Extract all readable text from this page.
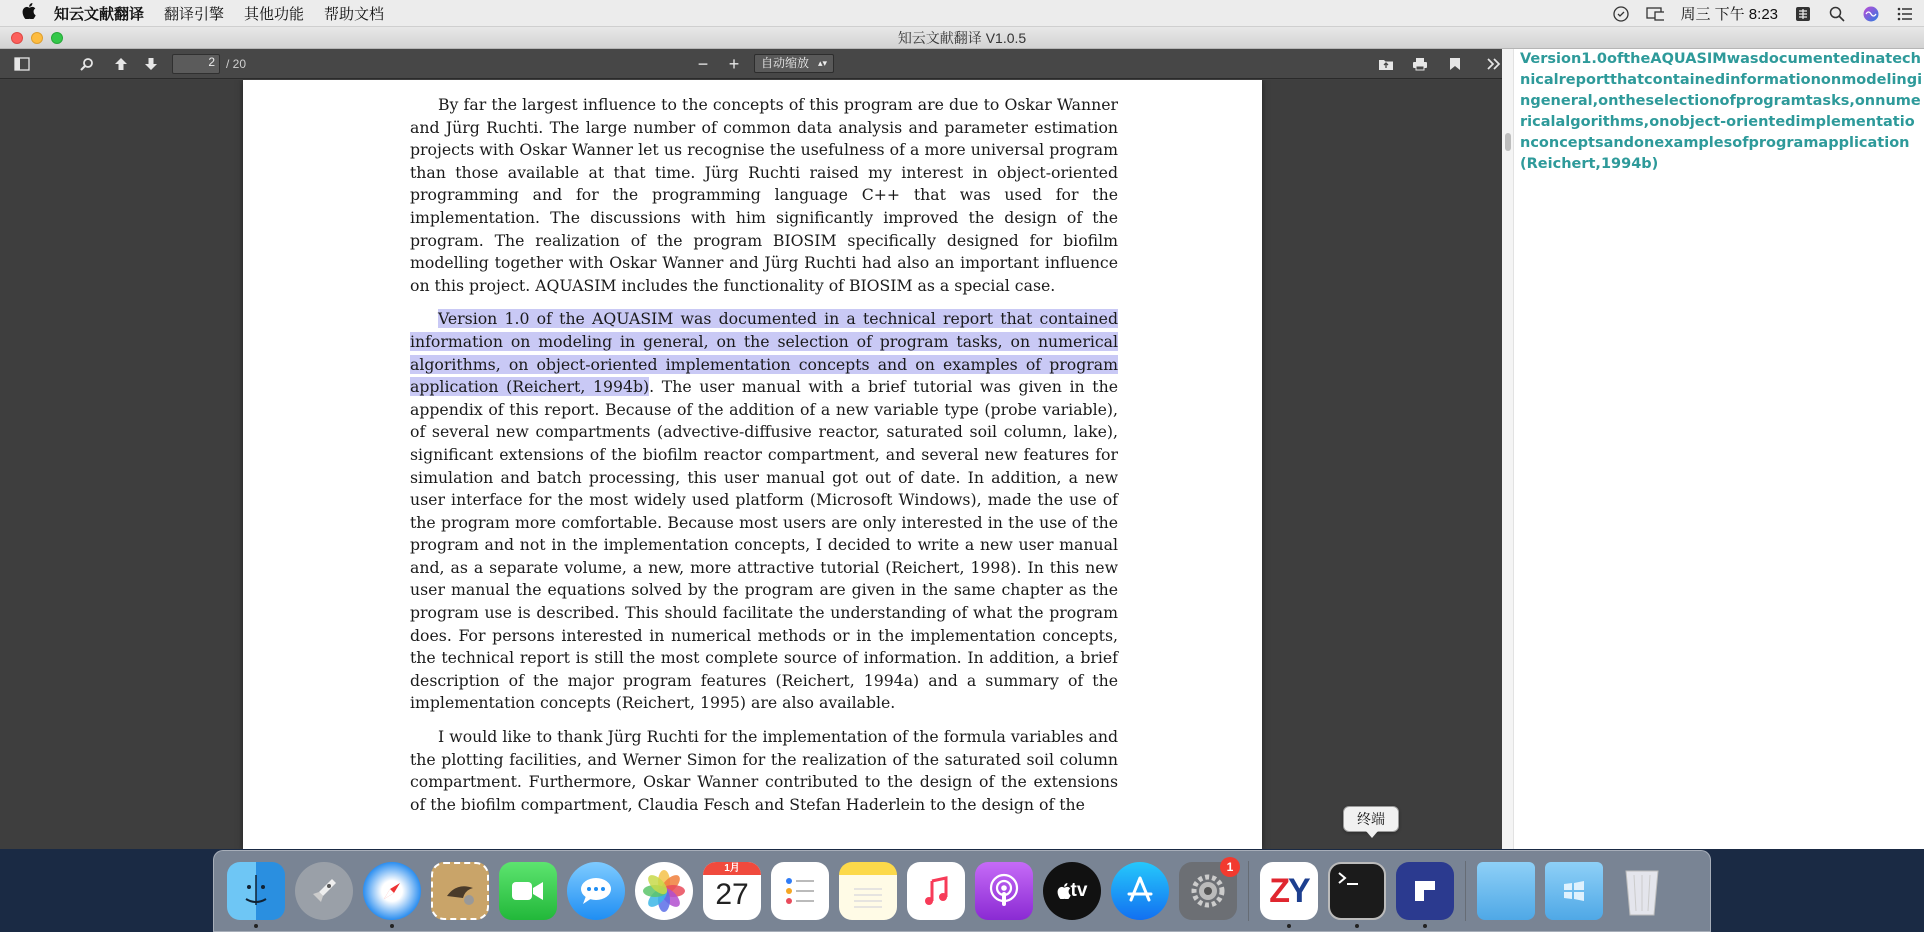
知云文献翻译	翻译引擎	其他功能	帮助文档	周三 下午 8:23
知云文献翻译 V1.0.5
2 / 20	− +	自动缩放 ▴▾

By far the largest influence to the concepts of this program are due to Oskar Wanner and Jürg Ruchti. The large number of common data analysis and parameter estimation projects with Oskar Wanner let us recognise the usefulness of a more universal program than those available at that time. Jürg Ruchti raised my interest in object-oriented programming and for the programming language C++ that was used for the implementation. The discussions with him significantly improved the design of the program. The realization of the program BIOSIM specifically designed for biofilm modelling together with Oskar Wanner and Jürg Ruchti had also an important influence on this project. AQUASIM includes the functionality of BIOSIM as a special case.

Version 1.0 of the AQUASIM was documented in a technical report that contained information on modeling in general, on the selection of program tasks, on numerical algorithms, on object-oriented implementation concepts and on examples of program application (Reichert, 1994b). The user manual with a brief tutorial was given in the appendix of this report. Because of the addition of a new variable type (probe variable), of several new compartments (advective-diffusive reactor, saturated soil column, lake), significant extensions of the biofilm reactor compartment, and several new features for simulation and batch processing, this user manual got out of date. In addition, a new user interface for the most widely used platform (Microsoft Windows), made the use of the program more comfortable. Because most users are only interested in the use of the program and not in the implementation concepts, I decided to write a new user manual and, as a separate volume, a new, more attractive tutorial (Reichert, 1998). In this new user manual the equations solved by the program are given in the same chapter as the program use is described. This should facilitate the understanding of what the program does. For persons interested in numerical methods or in the implementation concepts, the technical report is still the most complete source of information. In addition, a brief description of the major program features (Reichert, 1994a) and a summary of the implementation concepts (Reichert, 1995) are also available.

I would like to thank Jürg Ruchti for the implementation of the formula variables and the plotting facilities, and Werner Simon for the realization of the saturated soil column compartment. Furthermore, Oskar Wanner contributed to the design of the extensions of the biofilm compartment, Claudia Fesch and Stefan Haderlein to the design of the

Version1.0oftheAQUASIMwasdocumentedinatechnicalreportthatcontainedinformationonmodelingingeneral,ontheselectionofprogramtasks,onnumericalalgorithms,onobject-orientedimplementationconceptsandonexamplesofprogramapplication(Reichert,1994b)
终端
1月
27	tv
1
Z Y
